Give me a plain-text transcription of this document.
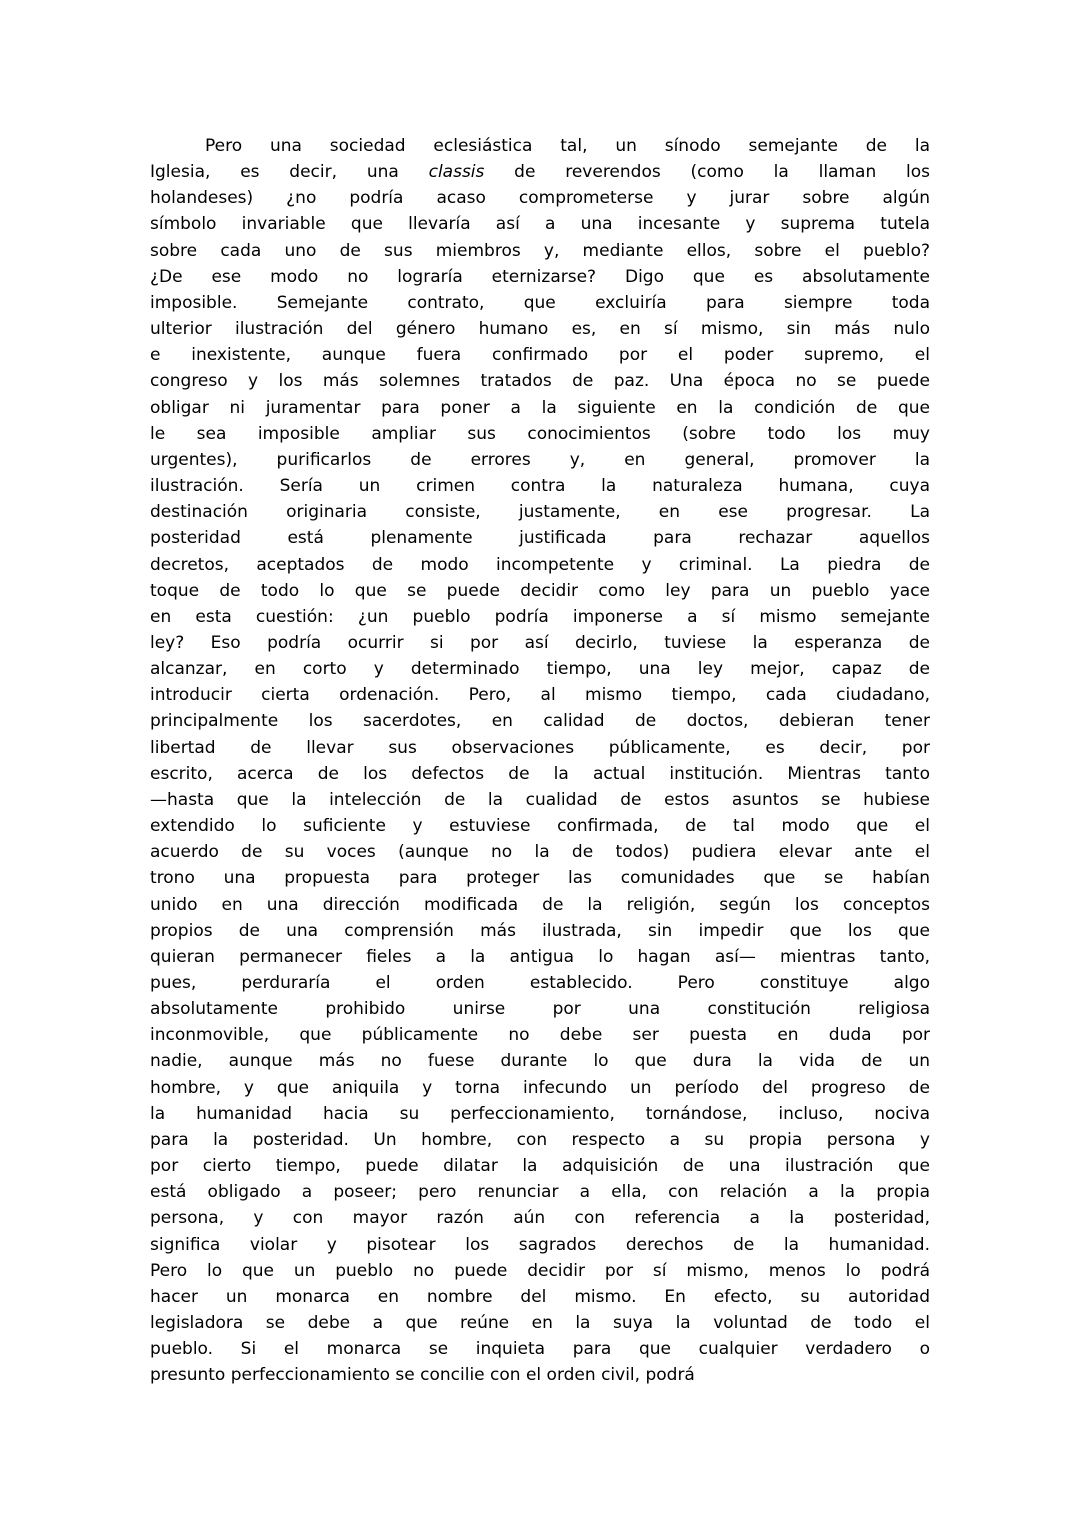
Pero una sociedad eclesiástica tal, un sínodo semejante de la
Iglesia, es decir, una classis de reverendos (como la llaman los
holandeses) ¿no podría acaso comprometerse y jurar sobre algún
símbolo invariable que llevaría así a una incesante y suprema tutela
sobre cada uno de sus miembros y, mediante ellos, sobre el pueblo?
¿De ese modo no lograría eternizarse? Digo que es absolutamente
imposible. Semejante contrato, que excluiría para siempre toda
ulterior ilustración del género humano es, en sí mismo, sin más nulo
e inexistente, aunque fuera confirmado por el poder supremo, el
congreso y los más solemnes tratados de paz. Una época no se puede
obligar ni juramentar para poner a la siguiente en la condición de que
le sea imposible ampliar sus conocimientos (sobre todo los muy
urgentes), purificarlos de errores y, en general, promover la
ilustración. Sería un crimen contra la naturaleza humana, cuya
destinación originaria consiste, justamente, en ese progresar. La
posteridad está plenamente justificada para rechazar aquellos
decretos, aceptados de modo incompetente y criminal. La piedra de
toque de todo lo que se puede decidir como ley para un pueblo yace
en esta cuestión: ¿un pueblo podría imponerse a sí mismo semejante
ley? Eso podría ocurrir si por así decirlo, tuviese la esperanza de
alcanzar, en corto y determinado tiempo, una ley mejor, capaz de
introducir cierta ordenación. Pero, al mismo tiempo, cada ciudadano,
principalmente los sacerdotes, en calidad de doctos, debieran tener
libertad de llevar sus observaciones públicamente, es decir, por
escrito, acerca de los defectos de la actual institución. Mientras tanto
—hasta que la intelección de la cualidad de estos asuntos se hubiese
extendido lo suficiente y estuviese confirmada, de tal modo que el
acuerdo de su voces (aunque no la de todos) pudiera elevar ante el
trono una propuesta para proteger las comunidades que se habían
unido en una dirección modificada de la religión, según los conceptos
propios de una comprensión más ilustrada, sin impedir que los que
quieran permanecer fieles a la antigua lo hagan así— mientras tanto,
pues, perduraría el orden establecido. Pero constituye algo
absolutamente prohibido unirse por una constitución religiosa
inconmovible, que públicamente no debe ser puesta en duda por
nadie, aunque más no fuese durante lo que dura la vida de un
hombre, y que aniquila y torna infecundo un período del progreso de
la humanidad hacia su perfeccionamiento, tornándose, incluso, nociva
para la posteridad. Un hombre, con respecto a su propia persona y
por cierto tiempo, puede dilatar la adquisición de una ilustración que
está obligado a poseer; pero renunciar a ella, con relación a la propia
persona, y con mayor razón aún con referencia a la posteridad,
significa violar y pisotear los sagrados derechos de la humanidad.
Pero lo que un pueblo no puede decidir por sí mismo, menos lo podrá
hacer un monarca en nombre del mismo. En efecto, su autoridad
legisladora se debe a que reúne en la suya la voluntad de todo el
pueblo. Si el monarca se inquieta para que cualquier verdadero o
presunto perfeccionamiento se concilie con el orden civil, podrá
